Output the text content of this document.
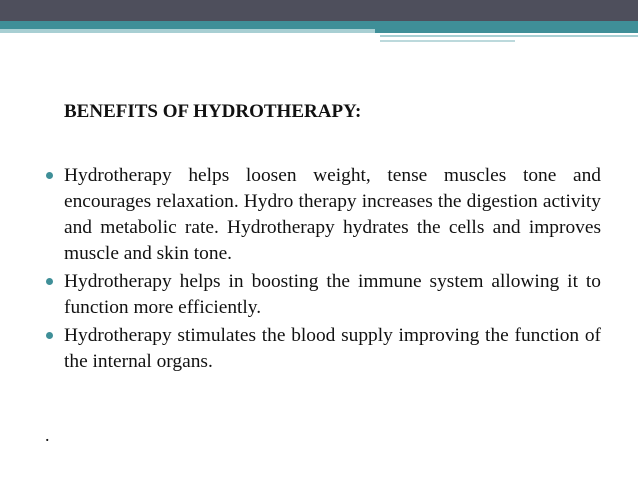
BENEFITS OF HYDROTHERAPY:
Hydrotherapy helps loosen weight, tense muscles tone and encourages relaxation. Hydro therapy increases the digestion activity and metabolic rate. Hydrotherapy hydrates the cells and improves muscle and skin tone.
Hydrotherapy helps in boosting the immune system allowing it to function more efficiently.
Hydrotherapy stimulates the blood supply improving the function of the internal organs.
.
